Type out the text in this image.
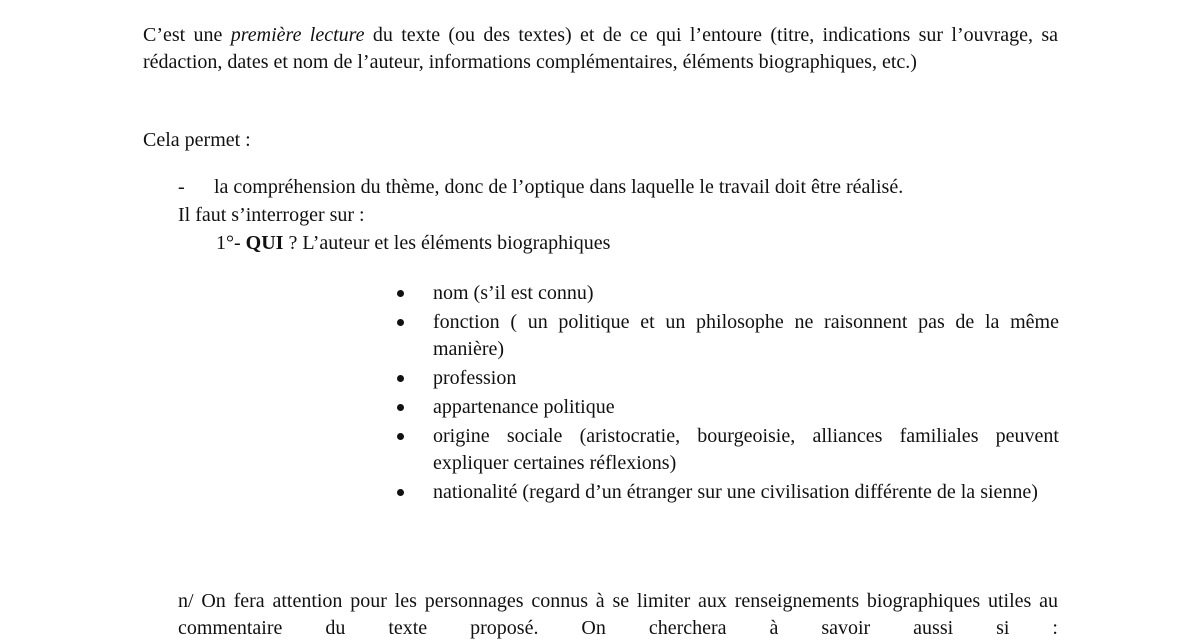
C’est une première lecture du texte (ou des textes) et de ce qui l’entoure (titre, indications sur l’ouvrage, sa rédaction, dates et nom de l’auteur, informations complémentaires, éléments biographiques, etc.)

Cela permet :

- la compréhension du thème, donc de l’optique dans laquelle le travail doit être réalisé.

Il faut s’interroger sur :

1°- QUI ? L’auteur et les éléments biographiques

nom (s’il est connu)
fonction ( un politique et un philosophe ne raisonnent pas de la même manière)
profession
appartenance politique
origine sociale (aristocratie, bourgeoisie, alliances familiales peuvent expliquer certaines réflexions)
nationalité (regard d’un étranger sur une civilisation différente de la sienne)

n/ On fera attention pour les personnages connus à se limiter aux renseignements biographiques utiles au commentaire du texte proposé. On cherchera à savoir aussi si :
